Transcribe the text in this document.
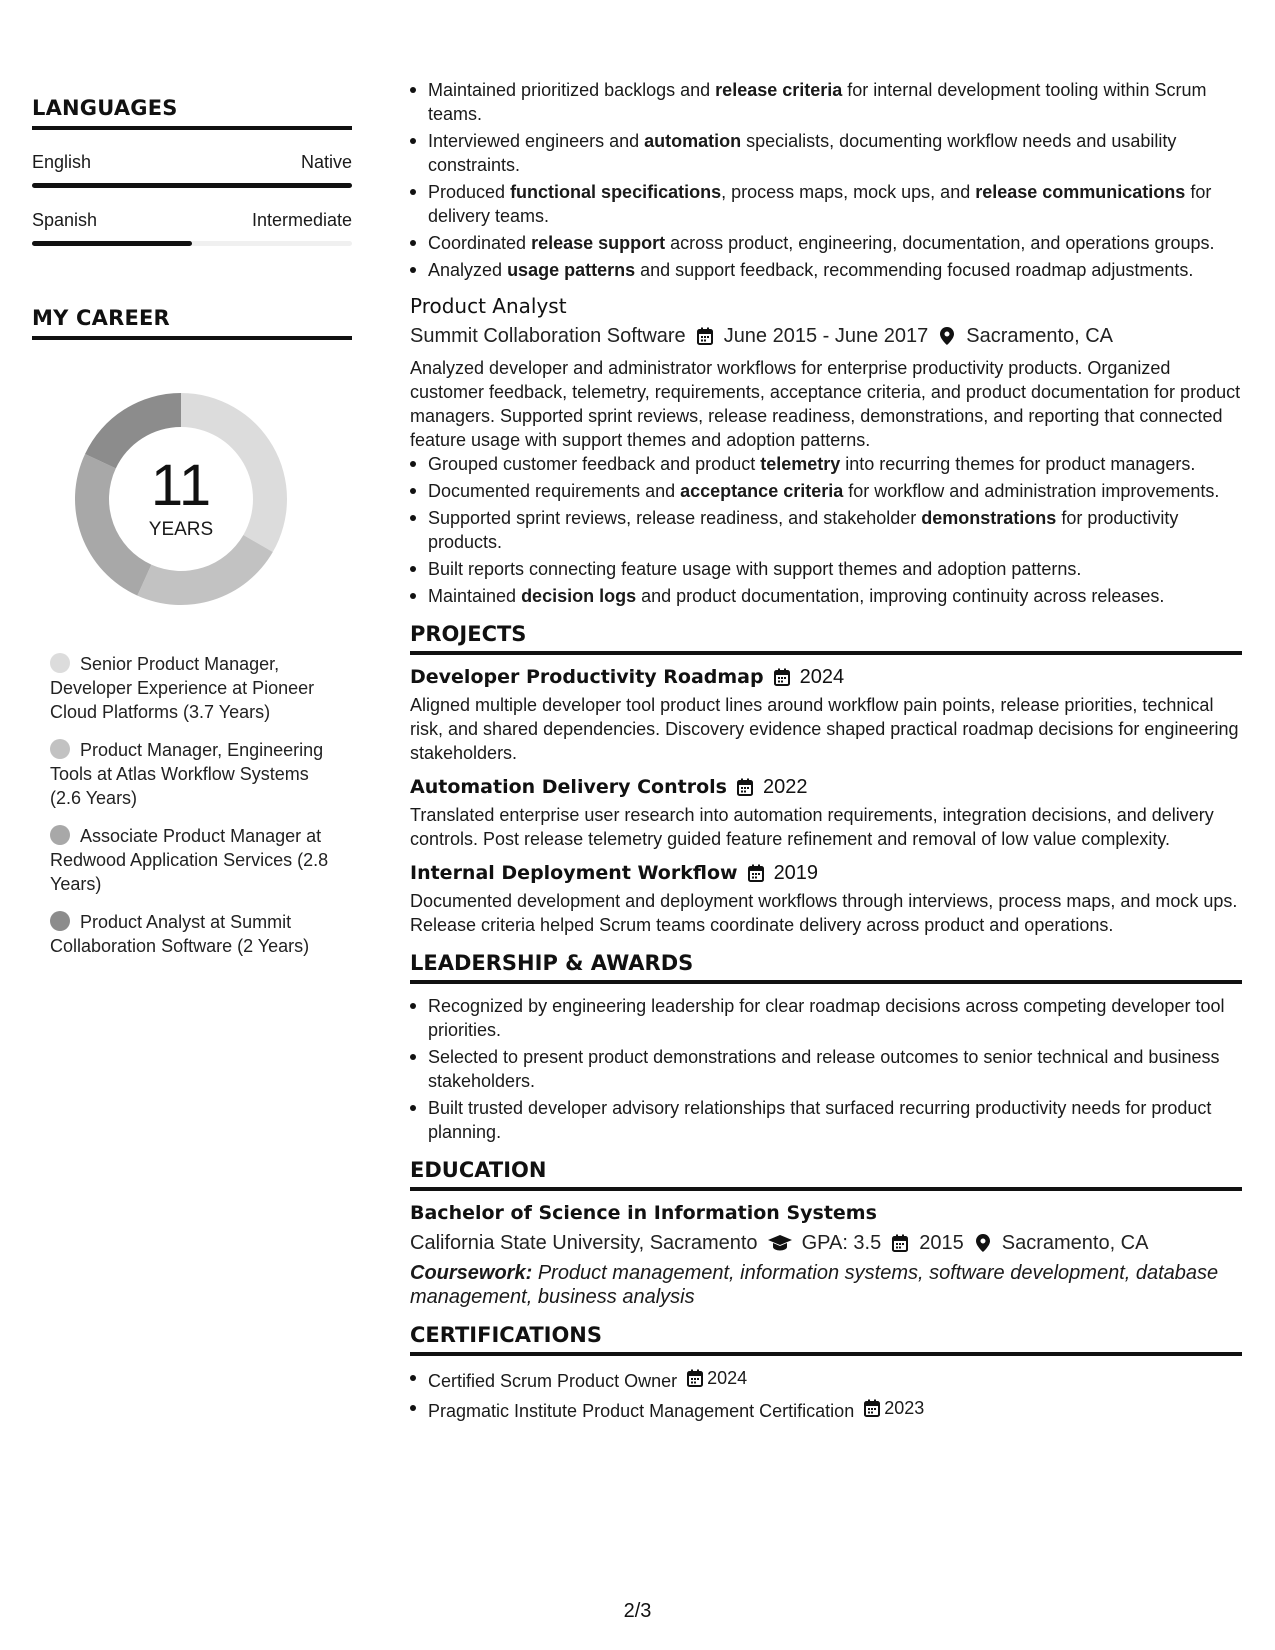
LANGUAGES
English	Native
Spanish	Intermediate
MY CAREER
11
YEARS
Senior Product Manager, Developer Experience at Pioneer Cloud Platforms (3.7 Years)
Product Manager, Engineering Tools at Atlas Workflow Systems (2.6 Years)
Associate Product Manager at Redwood Application Services (2.8 Years)
Product Analyst at Summit Collaboration Software (2 Years)
Maintained prioritized backlogs and release criteria for internal development tooling within Scrum teams.
Interviewed engineers and automation specialists, documenting workflow needs and usability constraints.
Produced functional specifications, process maps, mock ups, and release communications for delivery teams.
Coordinated release support across product, engineering, documentation, and operations groups.
Analyzed usage patterns and support feedback, recommending focused roadmap adjustments.
Product Analyst
Summit Collaboration Software June 2015 - June 2017 Sacramento, CA
Analyzed developer and administrator workflows for enterprise productivity products. Organized customer feedback, telemetry, requirements, acceptance criteria, and product documentation for product managers. Supported sprint reviews, release readiness, demonstrations, and reporting that connected feature usage with support themes and adoption patterns.
Grouped customer feedback and product telemetry into recurring themes for product managers.
Documented requirements and acceptance criteria for workflow and administration improvements.
Supported sprint reviews, release readiness, and stakeholder demonstrations for productivity products.
Built reports connecting feature usage with support themes and adoption patterns.
Maintained decision logs and product documentation, improving continuity across releases.
PROJECTS
Developer Productivity Roadmap 2024
Aligned multiple developer tool product lines around workflow pain points, release priorities, technical risk, and shared dependencies. Discovery evidence shaped practical roadmap decisions for engineering stakeholders.
Automation Delivery Controls 2022
Translated enterprise user research into automation requirements, integration decisions, and delivery controls. Post release telemetry guided feature refinement and removal of low value complexity.
Internal Deployment Workflow 2019
Documented development and deployment workflows through interviews, process maps, and mock ups. Release criteria helped Scrum teams coordinate delivery across product and operations.
LEADERSHIP & AWARDS
Recognized by engineering leadership for clear roadmap decisions across competing developer tool priorities.
Selected to present product demonstrations and release outcomes to senior technical and business stakeholders.
Built trusted developer advisory relationships that surfaced recurring productivity needs for product planning.
EDUCATION
Bachelor of Science in Information Systems
California State University, Sacramento GPA: 3.5 2015 Sacramento, CA
Coursework: Product management, information systems, software development, database management, business analysis
CERTIFICATIONS
Certified Scrum Product Owner 2024
Pragmatic Institute Product Management Certification 2023
2/3
